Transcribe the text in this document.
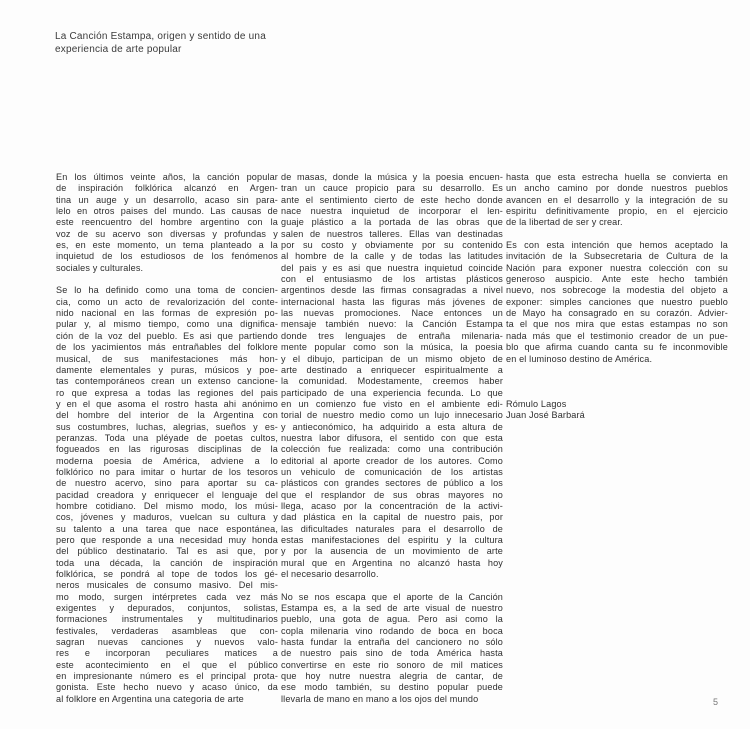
La Canción Estampa, origen y sentido de una
experiencia de arte popular
En los últimos veinte años, la canción popular
de inspiración folklórica alcanzó en Argen-
tina un auge y un desarrollo, acaso sin para-
lelo en otros paises del mundo. Las causas de
este reencuentro del hombre argentino con la
voz de su acervo son diversas y profundas y
es, en este momento, un tema planteado a la
inquietud de los estudiosos de los fenómenos
sociales y culturales.
Se lo ha definido como una toma de concien-
cia, como un acto de revalorización del conte-
nido nacional en las formas de expresión po-
pular y, al mismo tiempo, como una dignifica-
ción de la voz del pueblo. Es asi que partiendo
de los yacimientos más entrañables del folklore
musical, de sus manifestaciones más hon-
damente elementales y puras, músicos y poe-
tas contemporáneos crean un extenso cancione-
ro que expresa a todas las regiones del pais
y en el que asoma el rostro hasta ahi anónimo
del hombre del interior de la Argentina con
sus costumbres, luchas, alegrias, sueños y es-
peranzas. Toda una pléyade de poetas cultos,
fogueados en las rigurosas disciplinas de la
moderna poesia de América, adviene a lo
folklórico no para imitar o hurtar de los tesoros
de nuestro acervo, sino para aportar su ca-
pacidad creadora y enriquecer el lenguaje del
hombre cotidiano. Del mismo modo, los músi-
cos, jóvenes y maduros, vuelcan su cultura y
su talento a una tarea que nace espontánea,
pero que responde a una necesidad muy honda
del público destinatario. Tal es asi que, por
toda una década, la canción de inspiración
folklórica, se pondrá al tope de todos los gé-
neros musicales de consumo masivo. Del mis-
mo modo, surgen intérpretes cada vez más
exigentes y depurados, conjuntos, solistas,
formaciones instrumentales y multitudinarios
festivales, verdaderas asambleas que con-
sagran nuevas canciones y nuevos valo-
res e incorporan peculiares matices a
este acontecimiento en el que el público
en impresionante número es el principal prota-
gonista. Este hecho nuevo y acaso único, da
al folklore en Argentina una categoria de arte
de masas, donde la música y la poesia encuen-
tran un cauce propicio para su desarrollo. Es
ante el sentimiento cierto de este hecho donde
nace nuestra inquietud de incorporar el len-
guaje plástico a la portada de las obras que
salen de nuestros talleres. Ellas van destinadas
por su costo y obviamente por su contenido
al hombre de la calle y de todas las latitudes
del pais y es asi que nuestra inquietud coincide
con el entusiasmo de los artistas plásticos
argentinos desde las firmas consagradas a nivel
internacional hasta las figuras más jóvenes de
las nuevas promociones. Nace entonces un
mensaje también nuevo: la Canción Estampa
donde tres lenguajes de entraña milenaria-
mente popular como son la música, la poesia
y el dibujo, participan de un mismo objeto de
arte destinado a enriquecer espiritualmente a
la comunidad. Modestamente, creemos haber
participado de una experiencia fecunda. Lo que
en un comienzo fue visto en el ambiente edi-
torial de nuestro medio como un lujo innecesario
y antieconómico, ha adquirido a esta altura de
nuestra labor difusora, el sentido con que esta
colección fue realizada: como una contribución
editorial al aporte creador de los autores. Como
un vehiculo de comunicación de los artistas
plásticos con grandes sectores de público a los
que el resplandor de sus obras mayores no
llega, acaso por la concentración de la activi-
dad plástica en la capital de nuestro pais, por
las dificultades naturales para el desarrollo de
estas manifestaciones del espiritu y la cultura
y por la ausencia de un movimiento de arte
mural que en Argentina no alcanzó hasta hoy
el necesario desarrollo.
No se nos escapa que el aporte de la Canción
Estampa es, a la sed de arte visual de nuestro
pueblo, una gota de agua. Pero asi como la
copla milenaria vino rodando de boca en boca
hasta fundar la entraña del cancionero no sólo
de nuestro pais sino de toda América hasta
convertirse en este rio sonoro de mil matices
que hoy nutre nuestra alegria de cantar, de
ese modo también, su destino popular puede
llevarla de mano en mano a los ojos del mundo
hasta que esta estrecha huella se convierta en
un ancho camino por donde nuestros pueblos
avancen en el desarrollo y la integración de su
espiritu definitivamente propio, en el ejercicio
de la libertad de ser y crear.
Es con esta intención que hemos aceptado la
invitación de la Subsecretaria de Cultura de la
Nación para exponer nuestra colección con su
generoso auspicio. Ante este hecho también
nuevo, nos sobrecoge la modestia del objeto a
exponer: simples canciones que nuestro pueblo
de Mayo ha consagrado en su corazón. Advier-
ta el que nos mira que estas estampas no son
nada más que el testimonio creador de un pue-
blo que afirma cuando canta su fe inconmovible
en el luminoso destino de América.
Rómulo Lagos
Juan José Barbará
5
